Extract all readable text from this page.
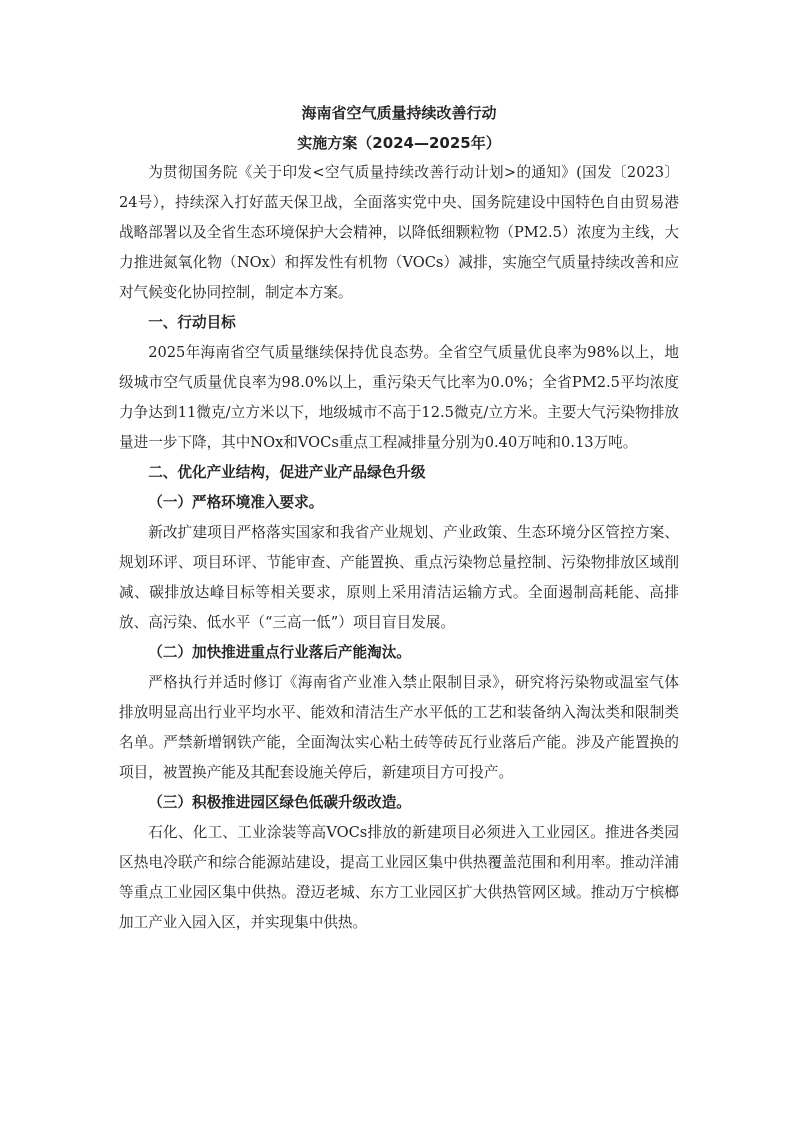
海南省空气质量持续改善行动
实施方案（2024—2025年）

为贯彻国务院《关于印发<空气质量持续改善行动计划>的通知》(国发〔2023〕24号），持续深入打好蓝天保卫战，全面落实党中央、国务院建设中国特色自由贸易港战略部署以及全省生态环境保护大会精神，以降低细颗粒物（PM2.5）浓度为主线，大力推进氮氧化物（NOx）和挥发性有机物（VOCs）减排，实施空气质量持续改善和应对气候变化协同控制，制定本方案。

一、行动目标

2025年海南省空气质量继续保持优良态势。全省空气质量优良率为98%以上，地级城市空气质量优良率为98.0%以上，重污染天气比率为0.0%；全省PM2.5平均浓度力争达到11微克/立方米以下，地级城市不高于12.5微克/立方米。主要大气污染物排放量进一步下降，其中NOx和VOCs重点工程减排量分别为0.40万吨和0.13万吨。

二、优化产业结构，促进产业产品绿色升级
（一）严格环境准入要求。

新改扩建项目严格落实国家和我省产业规划、产业政策、生态环境分区管控方案、规划环评、项目环评、节能审查、产能置换、重点污染物总量控制、污染物排放区域削减、碳排放达峰目标等相关要求，原则上采用清洁运输方式。全面遏制高耗能、高排放、高污染、低水平（“三高一低”）项目盲目发展。

（二）加快推进重点行业落后产能淘汰。

严格执行并适时修订《海南省产业准入禁止限制目录》，研究将污染物或温室气体排放明显高出行业平均水平、能效和清洁生产水平低的工艺和装备纳入淘汰类和限制类名单。严禁新增钢铁产能，全面淘汰实心粘土砖等砖瓦行业落后产能。涉及产能置换的项目，被置换产能及其配套设施关停后，新建项目方可投产。

（三）积极推进园区绿色低碳升级改造。

石化、化工、工业涂装等高VOCs排放的新建项目必须进入工业园区。推进各类园区热电冷联产和综合能源站建设，提高工业园区集中供热覆盖范围和利用率。推动洋浦等重点工业园区集中供热。澄迈老城、东方工业园区扩大供热管网区域。推动万宁槟榔加工产业入园入区，并实现集中供热。
